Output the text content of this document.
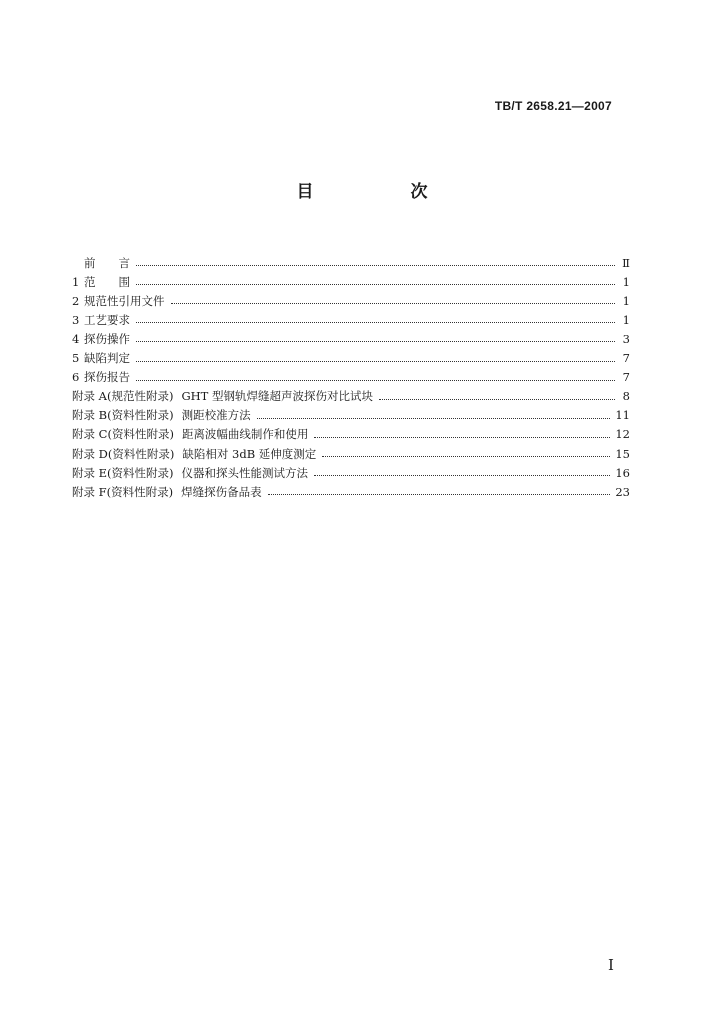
TB/T 2658.21—2007
目　次
前　　言	Ⅱ
1 范　　围	1
2 规范性引用文件	1
3 工艺要求	1
4 探伤操作	3
5 缺陷判定	7
6 探伤报告	7
附录 A(规范性附录) GHT 型钢轨焊缝超声波探伤对比试块	8
附录 B(资料性附录) 测距校准方法	11
附录 C(资料性附录) 距离波幅曲线制作和使用	12
附录 D(资料性附录) 缺陷相对 3dB 延伸度测定	15
附录 E(资料性附录) 仪器和探头性能测试方法	16
附录 F(资料性附录) 焊缝探伤备品表	23
I
